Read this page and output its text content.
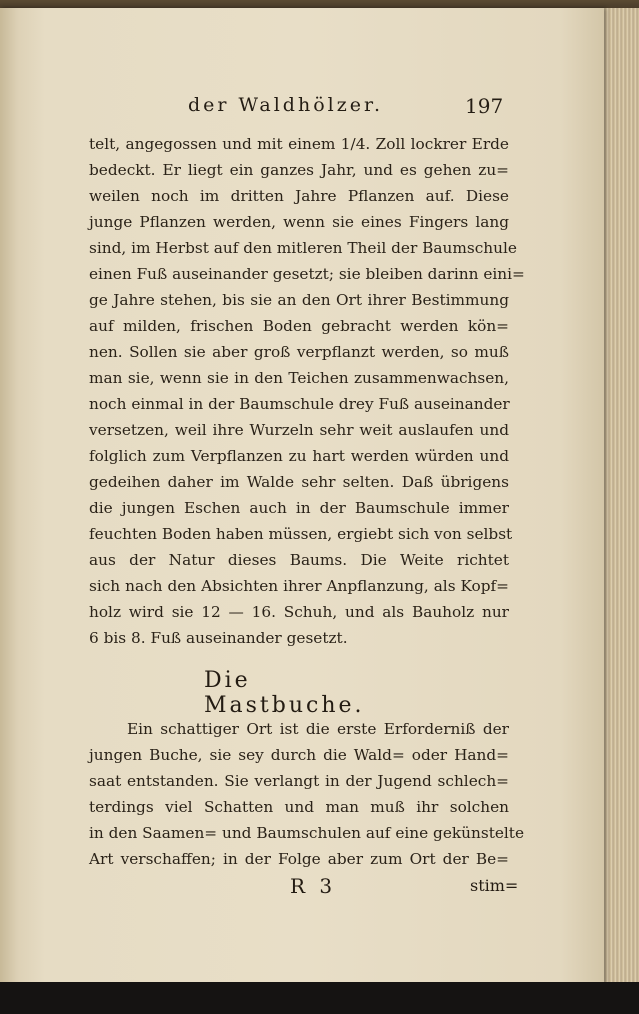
der Waldhölzer.	197
telt, angegossen und mit einem 1/4. Zoll lockrer Erde
bedeckt. Er liegt ein ganzes Jahr, und es gehen zu=
weilen noch im dritten Jahre Pflanzen auf. Diese
junge Pflanzen werden, wenn sie eines Fingers lang
sind, im Herbst auf den mitleren Theil der Baumschule
einen Fuß auseinander gesetzt; sie bleiben darinn eini=
ge Jahre stehen, bis sie an den Ort ihrer Bestimmung
auf milden, frischen Boden gebracht werden kön=
nen. Sollen sie aber groß verpflanzt werden, so muß
man sie, wenn sie in den Teichen zusammenwachsen,
noch einmal in der Baumschule drey Fuß auseinander
versetzen, weil ihre Wurzeln sehr weit auslaufen und
folglich zum Verpflanzen zu hart werden würden und
gedeihen daher im Walde sehr selten. Daß übrigens
die jungen Eschen auch in der Baumschule immer
feuchten Boden haben müssen, ergiebt sich von selbst
aus der Natur dieses Baums. Die Weite richtet
sich nach den Absichten ihrer Anpflanzung, als Kopf=
holz wird sie 12 — 16. Schuh, und als Bauholz nur
6 bis 8. Fuß auseinander gesetzt.
Die Mastbuche.
Ein schattiger Ort ist die erste Erforderniß der
jungen Buche, sie sey durch die Wald= oder Hand=
saat entstanden. Sie verlangt in der Jugend schlech=
terdings viel Schatten und man muß ihr solchen
in den Saamen= und Baumschulen auf eine gekünstelte
Art verschaffen; in der Folge aber zum Ort der Be=
R 3	stim=
